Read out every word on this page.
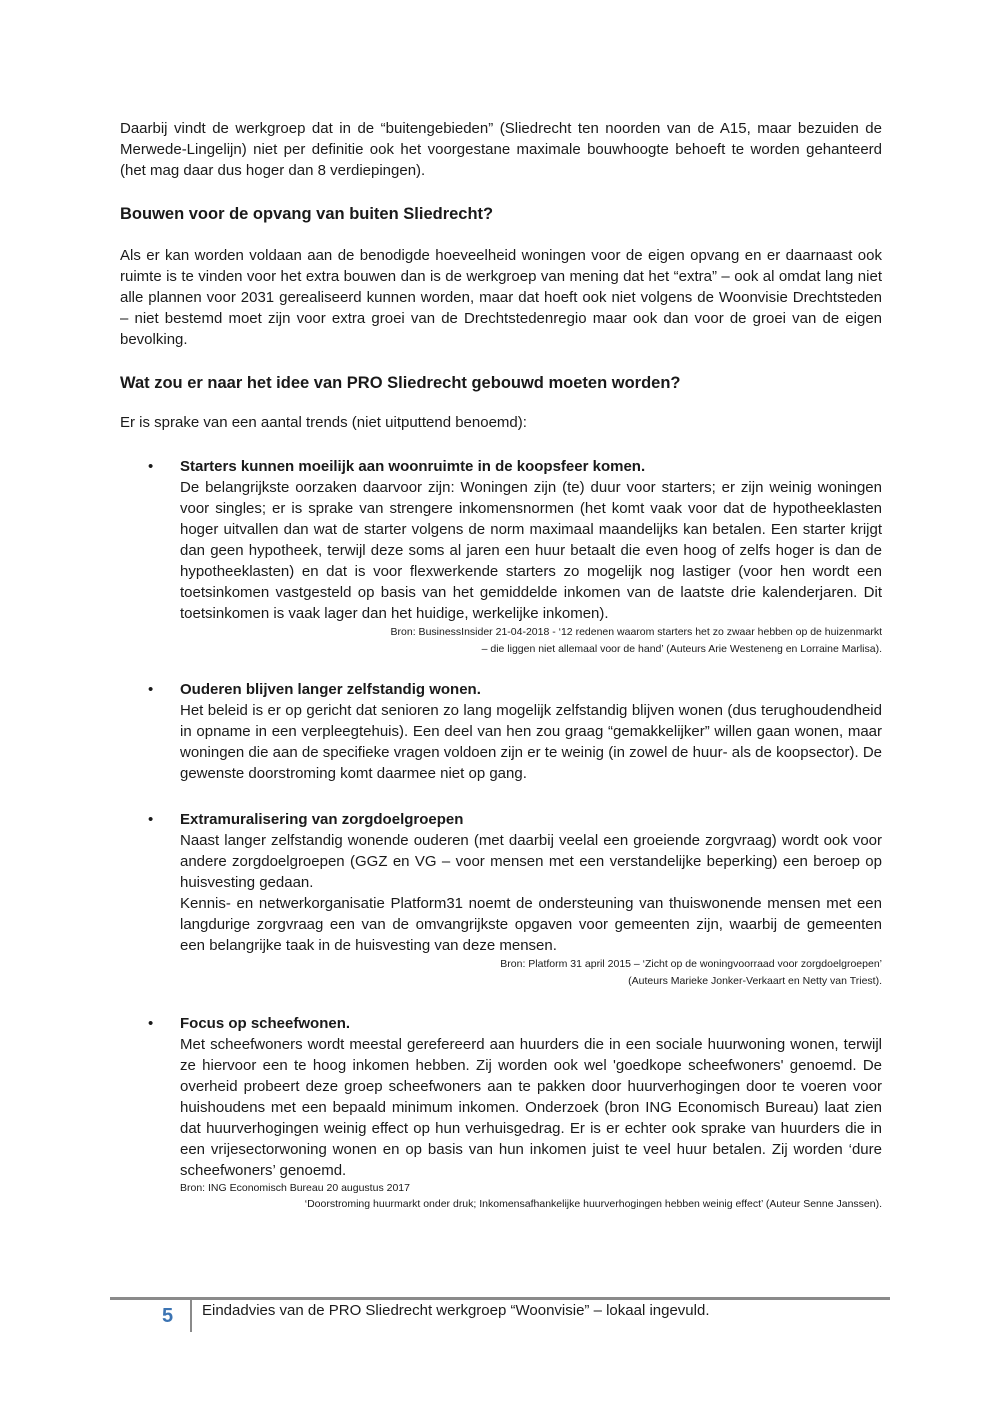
Daarbij vindt de werkgroep dat in de “buitengebieden” (Sliedrecht ten noorden van de A15, maar bezuiden de Merwede-Lingelijn) niet per definitie ook het voorgestane maximale bouwhoogte behoeft te worden gehanteerd (het mag daar dus hoger dan 8 verdiepingen).

Bouwen voor de opvang van buiten Sliedrecht?

Als er kan worden voldaan aan de benodigde hoeveelheid woningen voor de eigen opvang en er daarnaast ook ruimte is te vinden voor het extra bouwen dan is de werkgroep van mening dat het “extra” – ook al omdat lang niet alle plannen voor 2031 gerealiseerd kunnen worden, maar dat hoeft ook niet volgens de Woonvisie Drechtsteden – niet bestemd moet zijn voor extra groei van de Drechtstedenregio maar ook dan voor de groei van de eigen bevolking.

Wat zou er naar het idee van PRO Sliedrecht gebouwd moeten worden?

Er is sprake van een aantal trends (niet uitputtend benoemd):

• Starters kunnen moeilijk aan woonruimte in de koopsfeer komen.

De belangrijkste oorzaken daarvoor zijn: Woningen zijn (te) duur voor starters; er zijn weinig woningen voor singles; er is sprake van strengere inkomensnormen (het komt vaak voor dat de hypotheeklasten hoger uitvallen dan wat de starter volgens de norm maximaal maandelijks kan betalen. Een starter krijgt dan geen hypotheek, terwijl deze soms al jaren een huur betaalt die even hoog of zelfs hoger is dan de hypotheeklasten) en dat is voor flexwerkende starters zo mogelijk nog lastiger (voor hen wordt een toetsinkomen vastgesteld op basis van het gemiddelde inkomen van de laatste drie kalenderjaren. Dit toetsinkomen is vaak lager dan het huidige, werkelijke inkomen).

Bron: BusinessInsider 21-04-2018 - ‘12 redenen waarom starters het zo zwaar hebben op de huizenmarkt

– die liggen niet allemaal voor de hand’ (Auteurs Arie Westeneng en Lorraine Marlisa).

• Ouderen blijven langer zelfstandig wonen.

Het beleid is er op gericht dat senioren zo lang mogelijk zelfstandig blijven wonen (dus terughoudendheid in opname in een verpleegtehuis). Een deel van hen zou graag “gemakkelijker” willen gaan wonen, maar woningen die aan de specifieke vragen voldoen zijn er te weinig (in zowel de huur- als de koopsector). De gewenste doorstroming komt daarmee niet op gang.

• Extramuralisering van zorgdoelgroepen

Naast langer zelfstandig wonende ouderen (met daarbij veelal een groeiende zorgvraag) wordt ook voor andere zorgdoelgroepen (GGZ en VG – voor mensen met een verstandelijke beperking) een beroep op huisvesting gedaan.

Kennis- en netwerkorganisatie Platform31 noemt de ondersteuning van thuiswonende mensen met een langdurige zorgvraag een van de omvangrijkste opgaven voor gemeenten zijn, waarbij de gemeenten een belangrijke taak in de huisvesting van deze mensen.

Bron: Platform 31 april 2015 – ‘Zicht op de woningvoorraad voor zorgdoelgroepen’

(Auteurs Marieke Jonker-Verkaart en Netty van Triest).

• Focus op scheefwonen.

Met scheefwoners wordt meestal gerefereerd aan huurders die in een sociale huurwoning wonen, terwijl ze hiervoor een te hoog inkomen hebben. Zij worden ook wel 'goedkope scheefwoners' genoemd. De overheid probeert deze groep scheefwoners aan te pakken door huurverhogingen door te voeren voor huishoudens met een bepaald minimum inkomen. Onderzoek (bron ING Economisch Bureau) laat zien dat huurverhogingen weinig effect op hun verhuisgedrag. Er is er echter ook sprake van huurders die in een vrijesectorwoning wonen en op basis van hun inkomen juist te veel huur betalen. Zij worden ‘dure scheefwoners’ genoemd.

Bron: ING Economisch Bureau 20 augustus 2017

‘Doorstroming huurmarkt onder druk; Inkomensafhankelijke huurverhogingen hebben weinig effect’ (Auteur Senne Janssen).

5 Eindadvies van de PRO Sliedrecht werkgroep “Woonvisie” – lokaal ingevuld.
